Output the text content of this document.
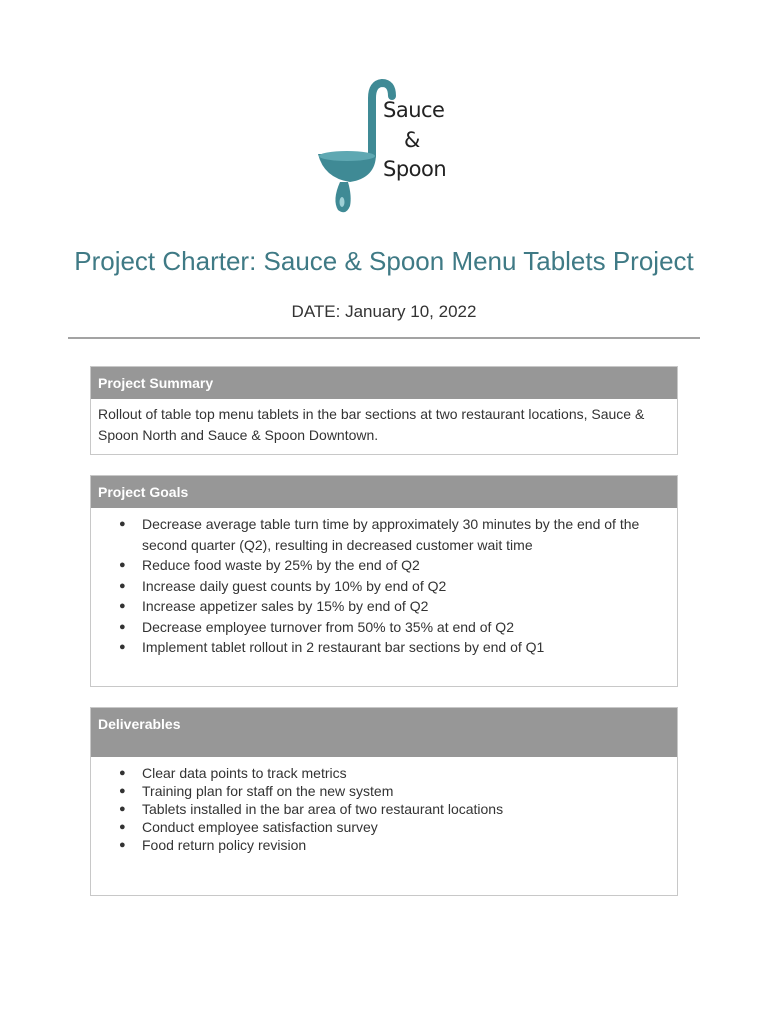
Sauce
&
Spoon
Project Charter: Sauce & Spoon Menu Tablets Project
DATE: January 10, 2022
Project Summary
Rollout of table top menu tablets in the bar sections at two restaurant locations, Sauce & Spoon North and Sauce & Spoon Downtown.
Project Goals
● Decrease average table turn time by approximately 30 minutes by the end of the second quarter (Q2), resulting in decreased customer wait time
● Reduce food waste by 25% by the end of Q2
● Increase daily guest counts by 10% by end of Q2
● Increase appetizer sales by 15% by end of Q2
● Decrease employee turnover from 50% to 35% at end of Q2
● Implement tablet rollout in 2 restaurant bar sections by end of Q1
Deliverables
● Clear data points to track metrics
● Training plan for staff on the new system
● Tablets installed in the bar area of two restaurant locations
● Conduct employee satisfaction survey
● Food return policy revision
